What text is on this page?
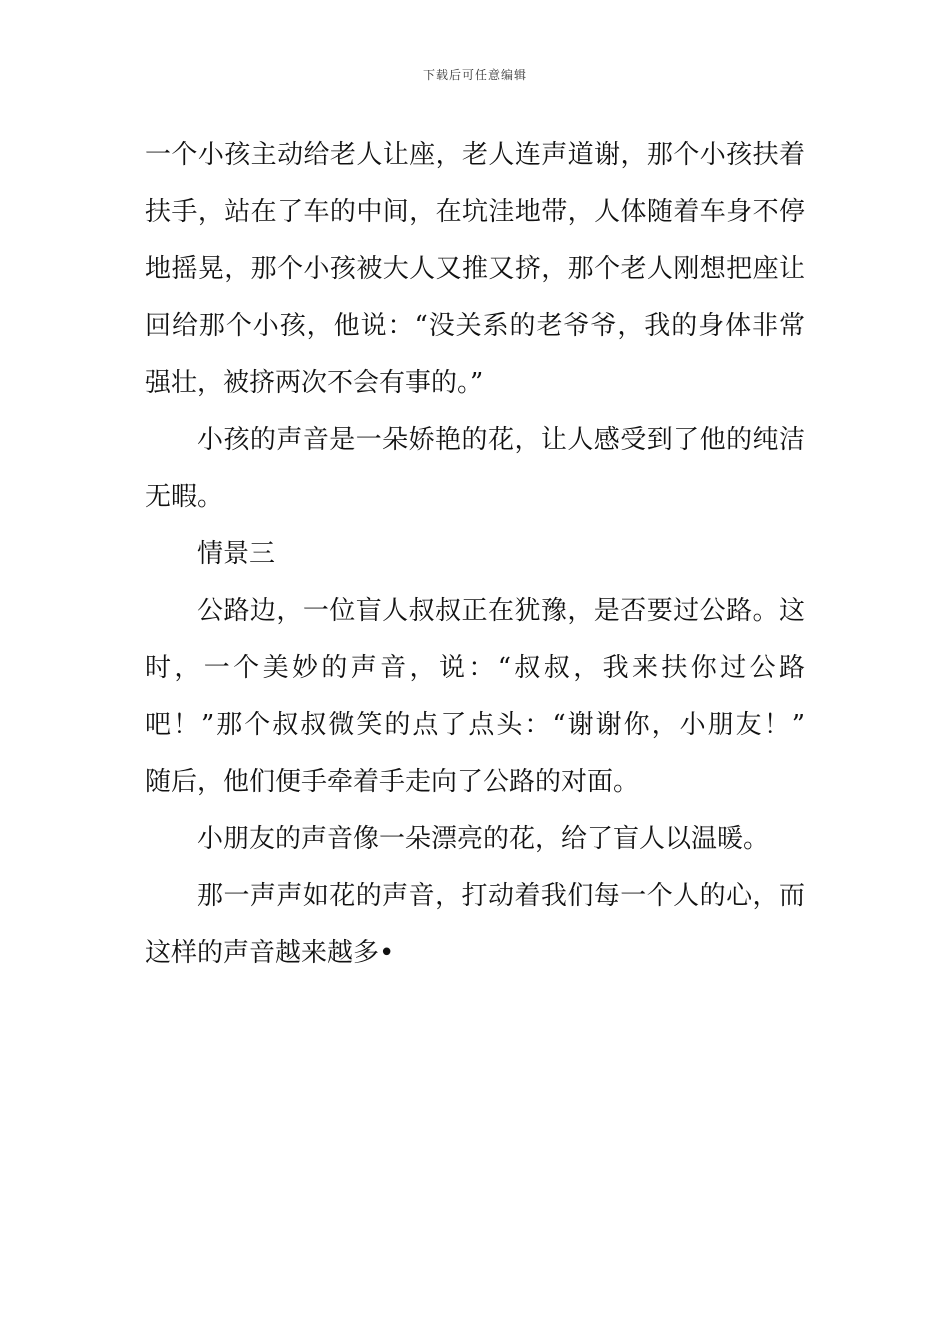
下载后可任意编辑
一个小孩主动给老人让座，老人连声道谢，那个小孩扶着
扶手，站在了车的中间，在坑洼地带，人体随着车身不停
地摇晃，那个小孩被大人又推又挤，那个老人刚想把座让
回给那个小孩，他说：“没关系的老爷爷，我的身体非常
强壮，被挤两次不会有事的。”
小孩的声音是一朵娇艳的花，让人感受到了他的纯洁
无暇。
情景三
公路边，一位盲人叔叔正在犹豫，是否要过公路。这
时，一个美妙的声音，说：“叔叔，我来扶你过公路
吧！”那个叔叔微笑的点了点头：“谢谢你，小朋友！”
随后，他们便手牵着手走向了公路的对面。
小朋友的声音像一朵漂亮的花，给了盲人以温暖。
那一声声如花的声音，打动着我们每一个人的心，而
这样的声音越来越多•
